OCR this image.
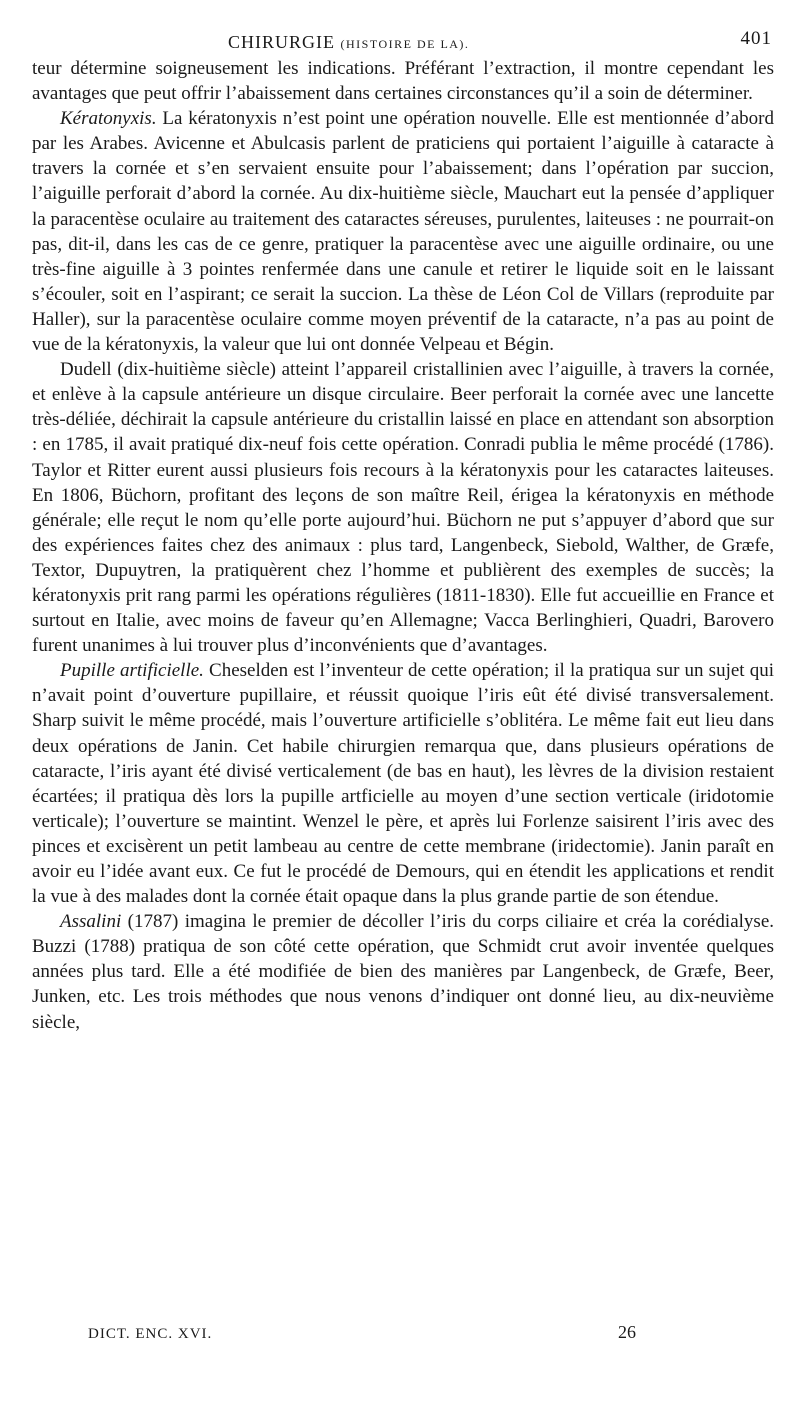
CHIRURGIE (HISTOIRE DE LA).	401

teur détermine soigneusement les indications. Préférant l’extraction, il montre cependant les avantages que peut offrir l’abaissement dans certaines circonstances qu’il a soin de déterminer.

Kératonyxis. La kératonyxis n’est point une opération nouvelle. Elle est mentionnée d’abord par les Arabes. Avicenne et Abulcasis parlent de praticiens qui portaient l’aiguille à cataracte à travers la cornée et s’en servaient ensuite pour l’abaissement; dans l’opération par succion, l’aiguille perforait d’abord la cornée. Au dix-huitième siècle, Mauchart eut la pensée d’appliquer la paracentèse oculaire au traitement des cataractes séreuses, purulentes, laiteuses : ne pourrait-on pas, dit-il, dans les cas de ce genre, pratiquer la paracentèse avec une aiguille ordinaire, ou une très-fine aiguille à 3 pointes renfermée dans une canule et retirer le liquide soit en le laissant s’écouler, soit en l’aspirant; ce serait la succion. La thèse de Léon Col de Villars (reproduite par Haller), sur la paracentèse oculaire comme moyen préventif de la cataracte, n’a pas au point de vue de la kératonyxis, la valeur que lui ont donnée Velpeau et Bégin.

Dudell (dix-huitième siècle) atteint l’appareil cristallinien avec l’aiguille, à travers la cornée, et enlève à la capsule antérieure un disque circulaire. Beer perforait la cornée avec une lancette très-déliée, déchirait la capsule antérieure du cristallin laissé en place en attendant son absorption : en 1785, il avait pratiqué dix-neuf fois cette opération. Conradi publia le même procédé (1786). Taylor et Ritter eurent aussi plusieurs fois recours à la kératonyxis pour les cataractes laiteuses. En 1806, Büchorn, profitant des leçons de son maître Reil, érigea la kératonyxis en méthode générale; elle reçut le nom qu’elle porte aujourd’hui. Büchorn ne put s’appuyer d’abord que sur des expériences faites chez des animaux : plus tard, Langenbeck, Siebold, Walther, de Græfe, Textor, Dupuytren, la pratiquèrent chez l’homme et publièrent des exemples de succès; la kératonyxis prit rang parmi les opérations régulières (1811-1830). Elle fut accueillie en France et surtout en Italie, avec moins de faveur qu’en Allemagne; Vacca Berlinghieri, Quadri, Barovero furent unanimes à lui trouver plus d’inconvénients que d’avantages.

Pupille artificielle. Cheselden est l’inventeur de cette opération; il la pratiqua sur un sujet qui n’avait point d’ouverture pupillaire, et réussit quoique l’iris eût été divisé transversalement. Sharp suivit le même procédé, mais l’ouverture artificielle s’oblitéra. Le même fait eut lieu dans deux opérations de Janin. Cet habile chirurgien remarqua que, dans plusieurs opérations de cataracte, l’iris ayant été divisé verticalement (de bas en haut), les lèvres de la division restaient écartées; il pratiqua dès lors la pupille artficielle au moyen d’une section verticale (iridotomie verticale); l’ouverture se maintint. Wenzel le père, et après lui Forlenze saisirent l’iris avec des pinces et excisèrent un petit lambeau au centre de cette membrane (iridectomie). Janin paraît en avoir eu l’idée avant eux. Ce fut le procédé de Demours, qui en étendit les applications et rendit la vue à des malades dont la cornée était opaque dans la plus grande partie de son étendue.

Assalini (1787) imagina le premier de décoller l’iris du corps ciliaire et créa la corédialyse. Buzzi (1788) pratiqua de son côté cette opération, que Schmidt crut avoir inventée quelques années plus tard. Elle a été modifiée de bien des manières par Langenbeck, de Græfe, Beer, Junken, etc. Les trois méthodes que nous venons d’indiquer ont donné lieu, au dix-neuvième siècle,

DICT. ENC. XVI.	26
